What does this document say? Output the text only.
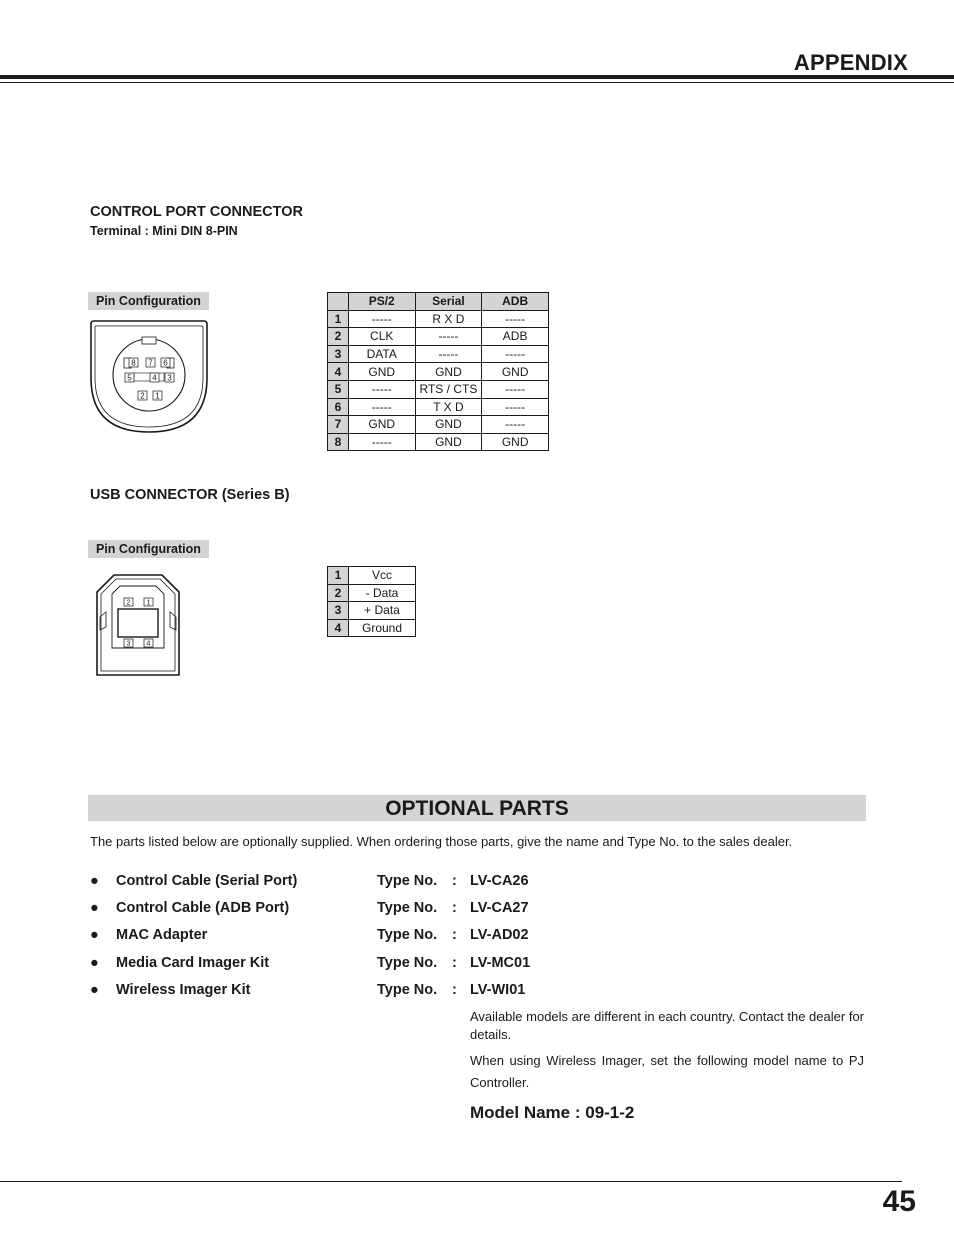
APPENDIX
CONTROL PORT CONNECTOR
Terminal : Mini DIN 8-PIN
Pin Configuration
8 7 6
5	4 3
2 1
	PS/2	Serial	ADB
1	-----	R X D	-----
2	CLK	-----	ADB
3	DATA	-----	-----
4	GND	GND	GND
5	-----	RTS / CTS	-----
6	-----	T X D	-----
7	GND	GND	-----
8	-----	GND	GND
USB CONNECTOR (Series B)
Pin Configuration
2 1
3 4
1	Vcc
2	- Data
3	+ Data
4	Ground
OPTIONAL PARTS
The parts listed below are optionally supplied. When ordering those parts, give the name and Type No. to the sales dealer.
● Control Cable (Serial Port)	Type No. : LV-CA26
● Control Cable (ADB Port)	Type No. : LV-CA27
● MAC Adapter	Type No. : LV-AD02
● Media Card Imager Kit	Type No. : LV-MC01
● Wireless Imager Kit	Type No. : LV-WI01
Available models are different in each country. Contact the dealer for details.
When using Wireless Imager, set the following model name to PJ Controller.
Model Name : 09-1-2
45
